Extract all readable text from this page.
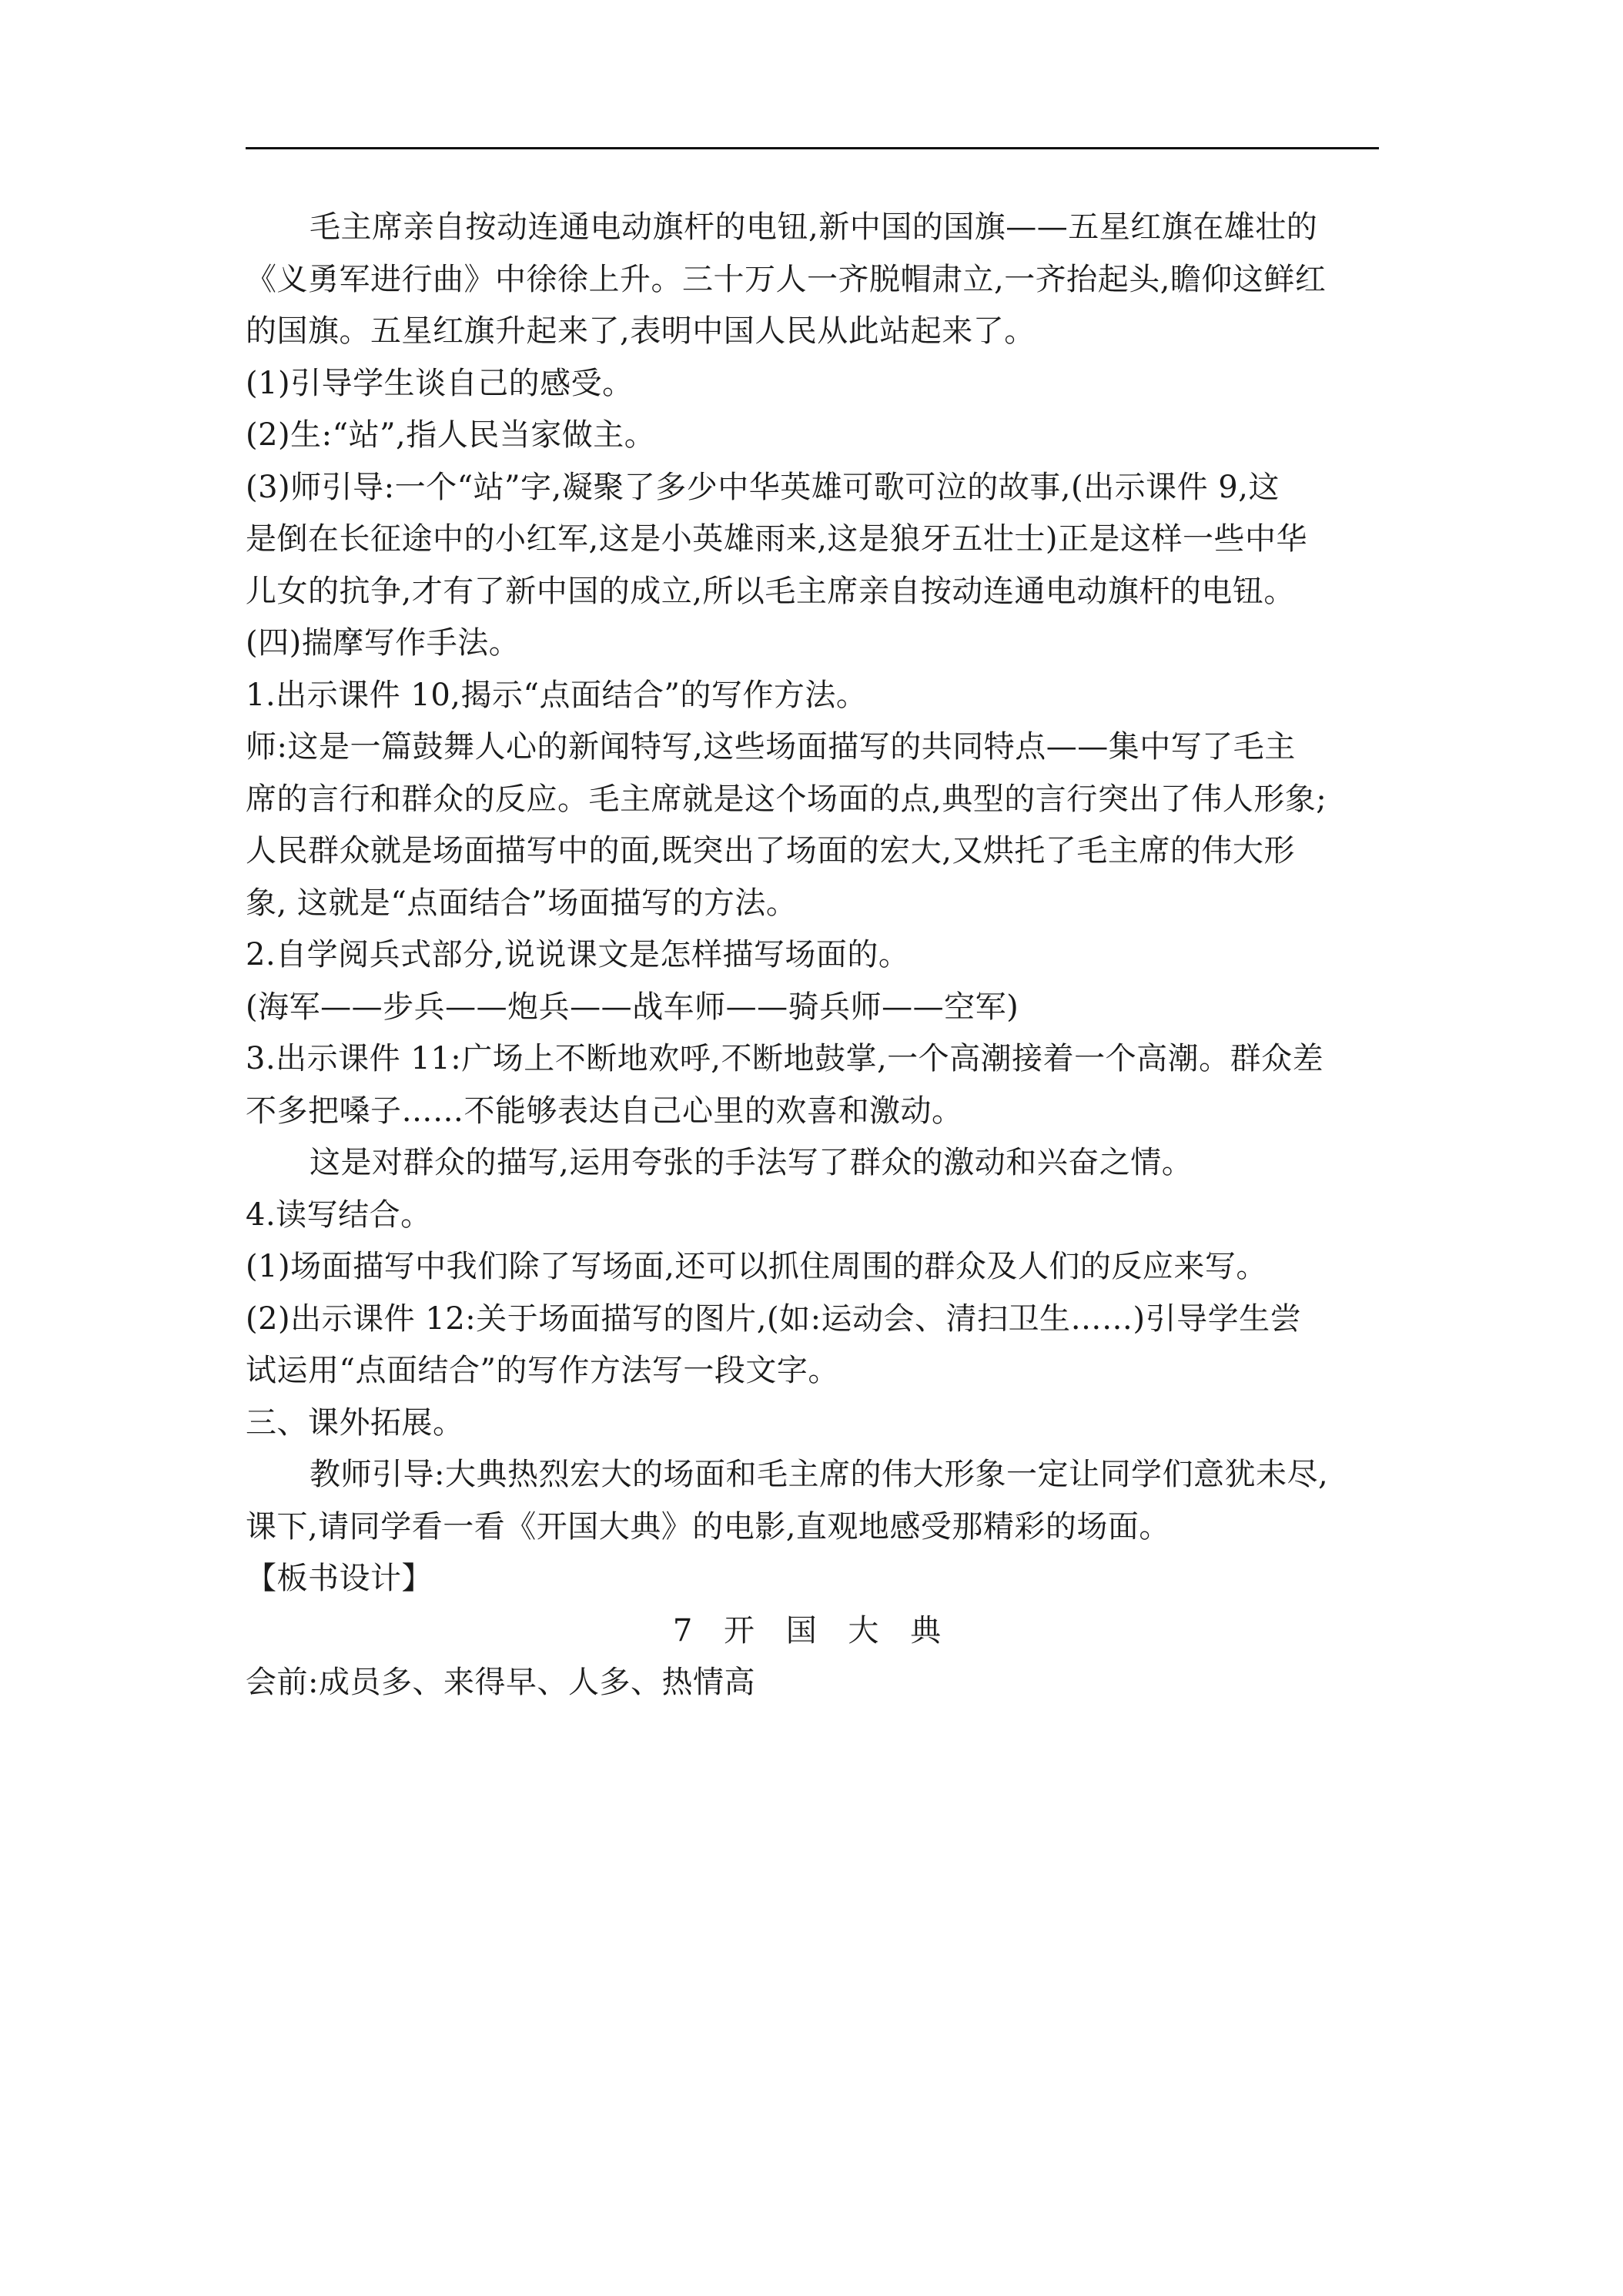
毛主席亲自按动连通电动旗杆的电钮,新中国的国旗——五星红旗在雄壮的

《义勇军进行曲》中徐徐上升。三十万人一齐脱帽肃立,一齐抬起头,瞻仰这鲜红

的国旗。五星红旗升起来了,表明中国人民从此站起来了。

(1)引导学生谈自己的感受。

(2)生:“站”,指人民当家做主。

(3)师引导:一个“站”字,凝聚了多少中华英雄可歌可泣的故事,(出示课件 9,这

是倒在长征途中的小红军,这是小英雄雨来,这是狼牙五壮士)正是这样一些中华

儿女的抗争,才有了新中国的成立,所以毛主席亲自按动连通电动旗杆的电钮。

(四)揣摩写作手法。

1.出示课件 10,揭示“点面结合”的写作方法。

师:这是一篇鼓舞人心的新闻特写,这些场面描写的共同特点——集中写了毛主

席的言行和群众的反应。毛主席就是这个场面的点,典型的言行突出了伟人形象;

人民群众就是场面描写中的面,既突出了场面的宏大,又烘托了毛主席的伟大形

象, 这就是“点面结合”场面描写的方法。

2.自学阅兵式部分,说说课文是怎样描写场面的。

(海军——步兵——炮兵——战车师——骑兵师——空军)

3.出示课件 11:广场上不断地欢呼,不断地鼓掌,一个高潮接着一个高潮。群众差

不多把嗓子……不能够表达自己心里的欢喜和激动。

这是对群众的描写,运用夸张的手法写了群众的激动和兴奋之情。

4.读写结合。

(1)场面描写中我们除了写场面,还可以抓住周围的群众及人们的反应来写。

(2)出示课件 12:关于场面描写的图片,(如:运动会、清扫卫生……)引导学生尝

试运用“点面结合”的写作方法写一段文字。

三、课外拓展。

教师引导:大典热烈宏大的场面和毛主席的伟大形象一定让同学们意犹未尽,

课下,请同学看一看《开国大典》的电影,直观地感受那精彩的场面。

【板书设计】

7 开 国 大 典

会前:成员多、来得早、人多、热情高
